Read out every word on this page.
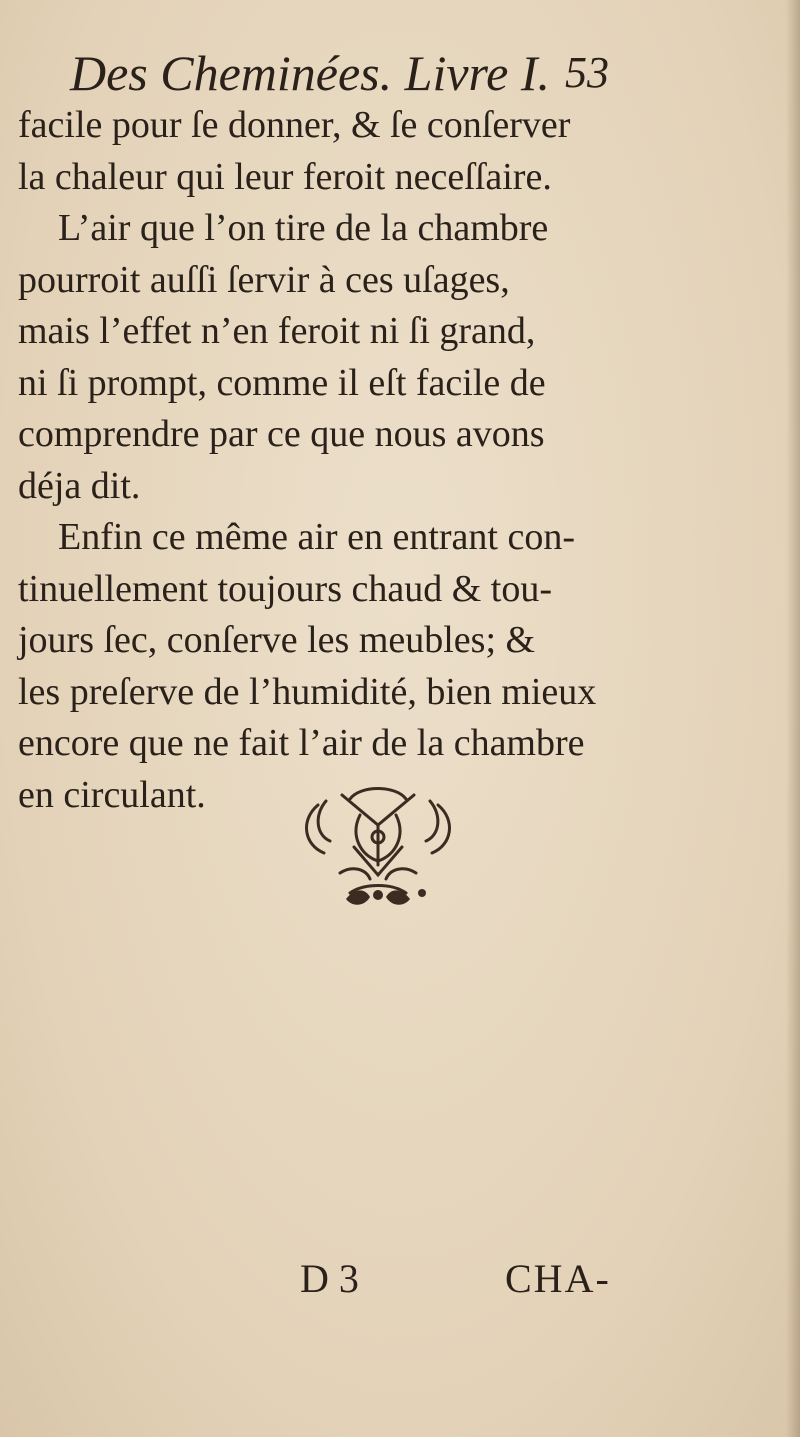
Des Cheminées. Livre I. 53
facile pour ſe donner, & ſe conſerver
la chaleur qui leur feroit neceſſaire.
L’air que l’on tire de la chambre
pourroit auſſi ſervir à ces uſages,
mais l’effet n’en feroit ni ſi grand,
ni ſi prompt, comme il eſt facile de
comprendre par ce que nous avons
déja dit.
Enfin ce même air en entrant con-
tinuellement toujours chaud & tou-
jours ſec, conſerve les meubles; &
les preſerve de l’humidité, bien mieux
encore que ne fait l’air de la chambre
en circulant.
D 3	CHA-
